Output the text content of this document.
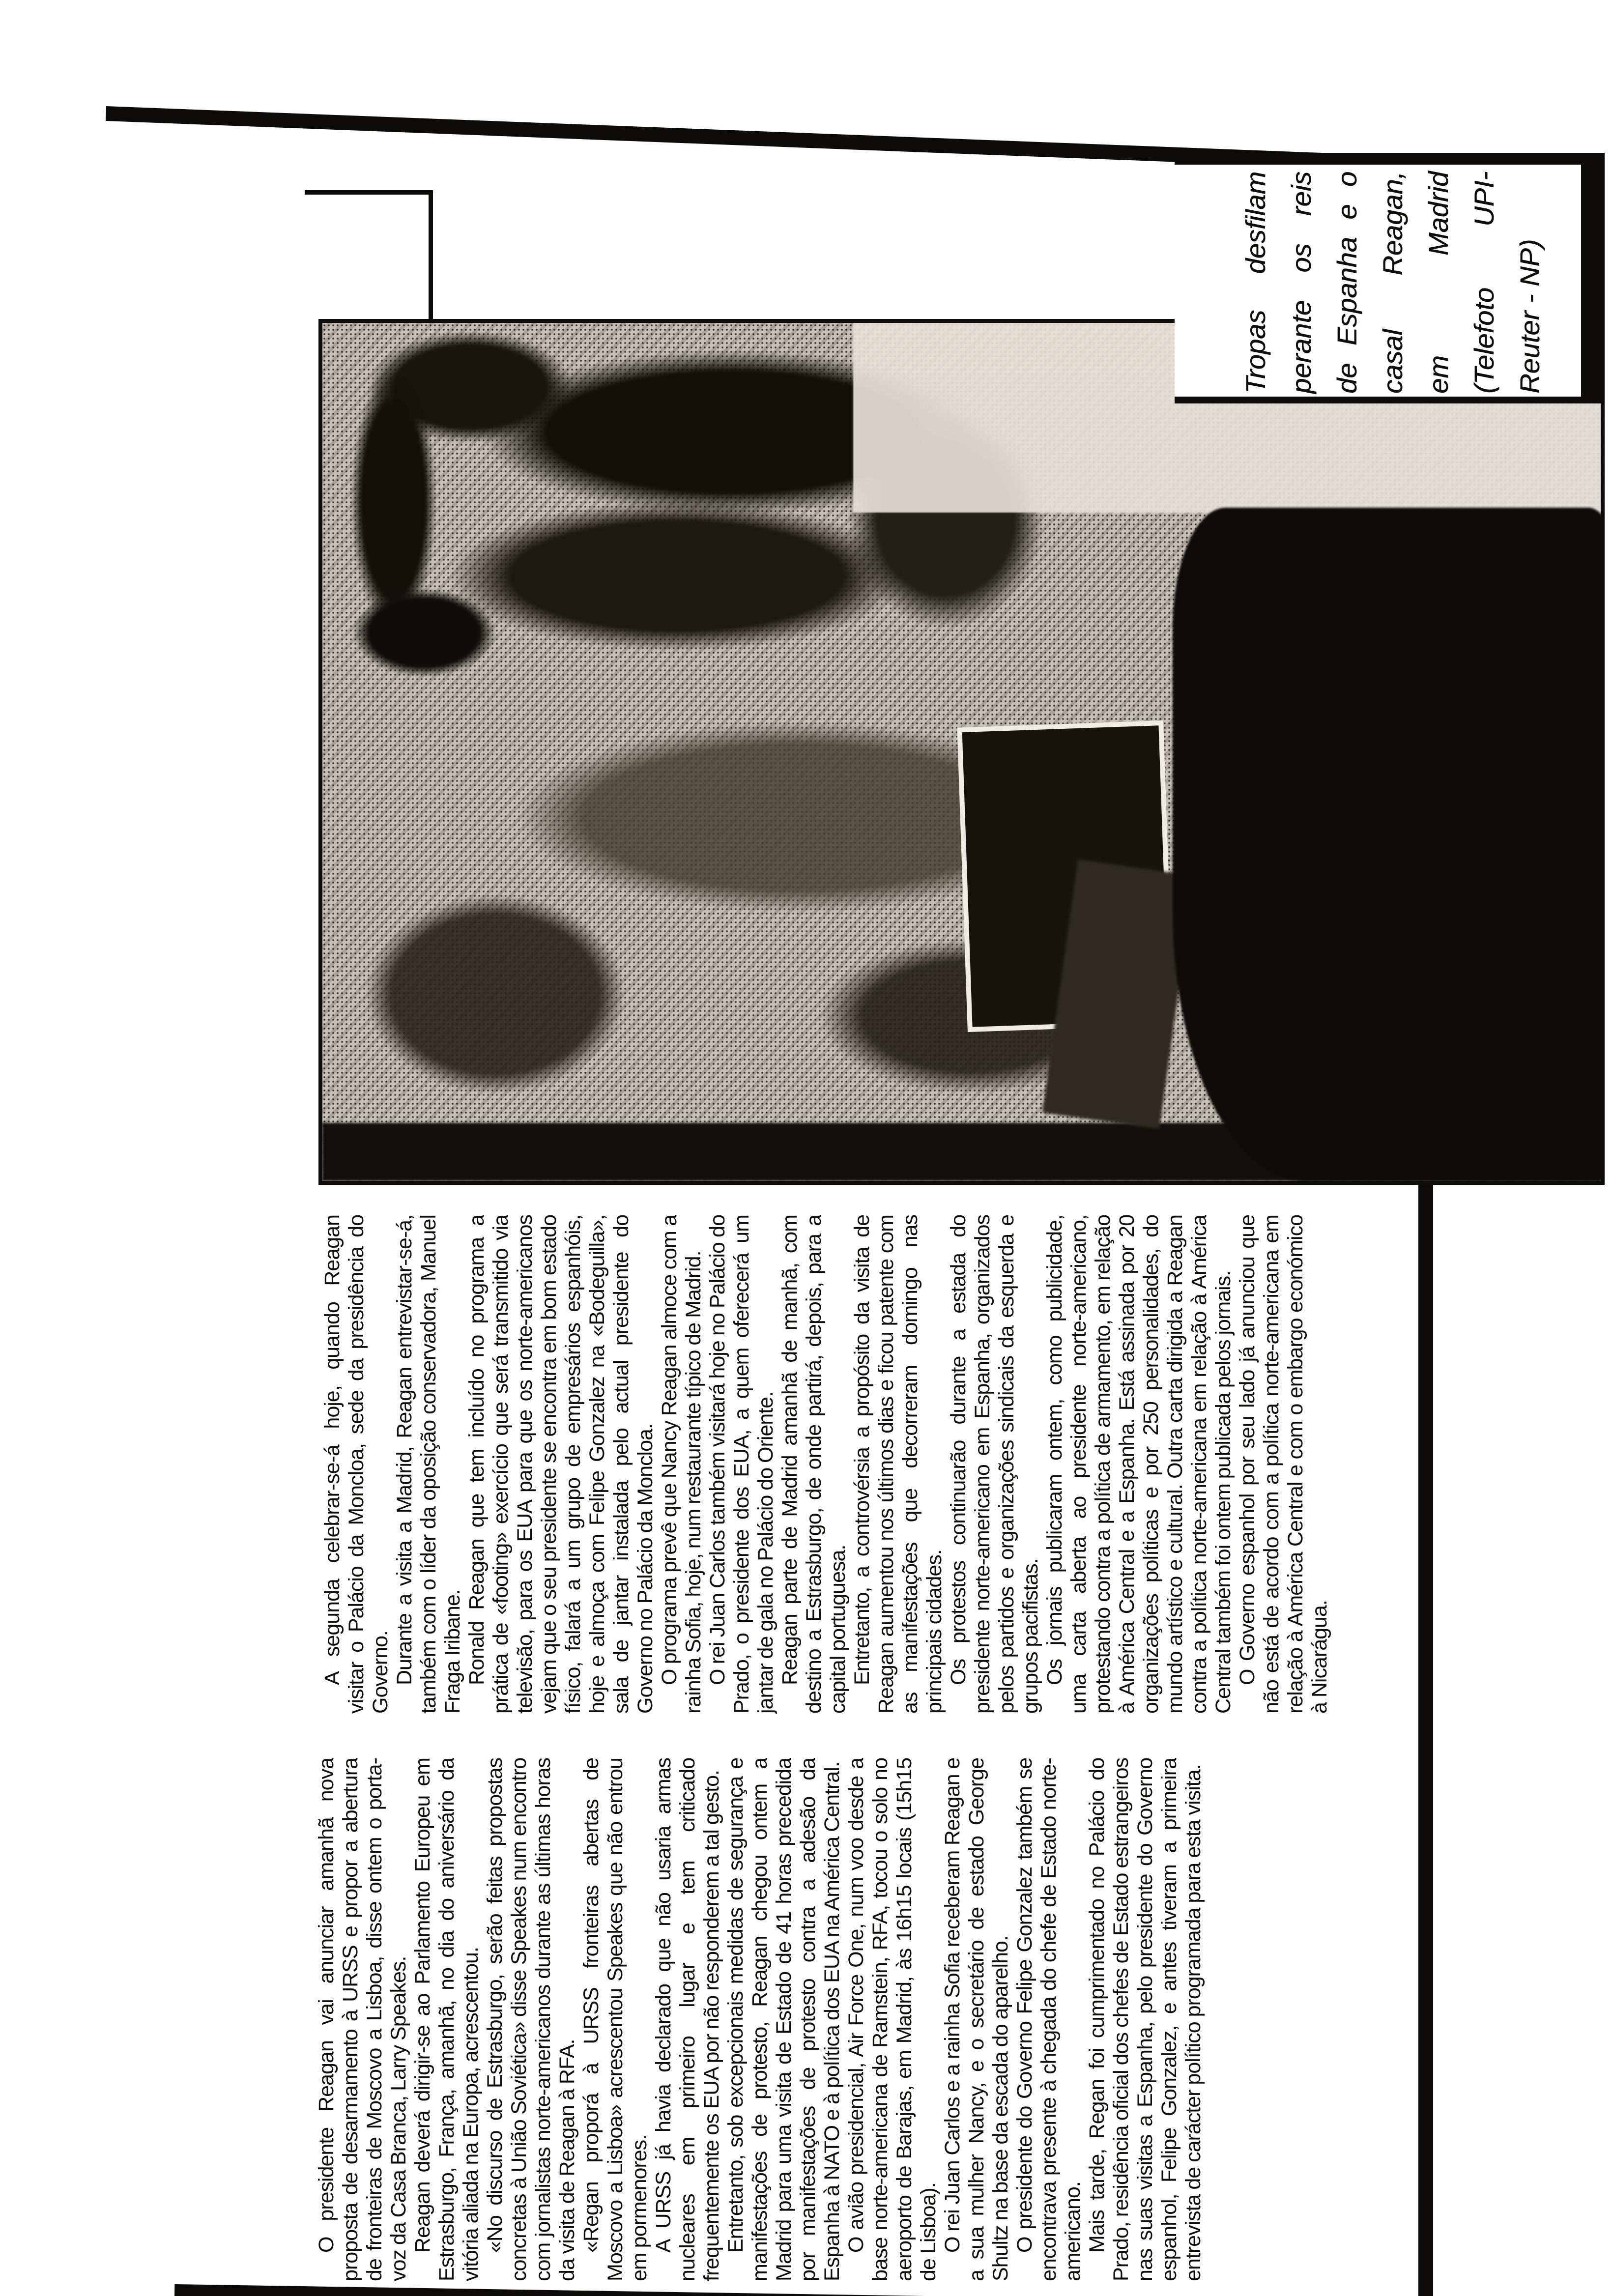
O presidente Reagan vai anunciar amanhã nova proposta de desarmamento à URSS e propor a abertura de fronteiras de Moscovo a Lisboa, disse ontem o porta-voz da Casa Branca, Larry Speakes. Reagan deverá dirigir-se ao Parlamento Europeu em Estrasburgo, França, amanhã, no dia do aniversário da vitória aliada na Europa, acrescentou. «No discurso de Estrasburgo, serão feitas propostas concretas à União Soviética» disse Speakes num encontro com jornalistas norte-americanos durante as últimas horas da visita de Reagan à RFA. «Regan proporá à URSS fronteiras abertas de Moscovo a Lisboa» acrescentou Speakes que não entrou em pormenores. A URSS já havia declarado que não usaria armas nucleares em primeiro lugar e tem criticado frequentemente os EUA por não responderem a tal gesto. Entretanto, sob excepcionais medidas de segurança e manifestações de protesto, Reagan chegou ontem a Madrid para uma visita de Estado de 41 horas precedida por manifestações de protesto contra a adesão da Espanha à NATO e à política dos EUA na América Central. O avião presidencial, Air Force One, num voo desde a base norte-americana de Ramstein, RFA, tocou o solo no aeroporto de Barajas, em Madrid, às 16h15 locais (15h15 de Lisboa). O rei Juan Carlos e a rainha Sofia receberam Reagan e a sua mulher Nancy, e o secretário de estado George Shultz na base da escada do aparelho. O presidente do Governo Felipe Gonzalez também se encontrava presente à chegada do chefe de Estado norte-americano. Mais tarde, Regan foi cumprimentado no Palácio do Prado, residência oficial dos chefes de Estado estrangeiros nas suas visitas a Espanha, pelo presidente do Governo espanhol, Felipe Gonzalez, e antes tiveram a primeira entrevista de carácter político programada para esta visita.

A segunda celebrar-se-á hoje, quando Reagan visitar o Palácio da Moncloa, sede da presidência do Governo. Durante a visita a Madrid, Reagan entrevistar-se-á, também com o líder da oposição conservadora, Manuel Fraga Iribane. Ronald Reagan que tem incluído no programa a prática de «footing» exercício que será transmitido via televisão, para os EUA para que os norte-americanos vejam que o seu presidente se encontra em bom estado físico, falará a um grupo de empresários espanhóis, hoje e almoça com Felipe Gonzalez na «Bodeguilla», sala de jantar instalada pelo actual presidente do Governo no Palácio da Moncloa. O programa prevê que Nancy Reagan almoce com a rainha Sofia, hoje, num restaurante típico de Madrid. O rei Juan Carlos também visitará hoje no Palácio do Prado, o presidente dos EUA, a quem oferecerá um jantar de gala no Palácio do Oriente. Reagan parte de Madrid amanhã de manhã, com destino a Estrasburgo, de onde partirá, depois, para a capital portuguesa. Entretanto, a controvérsia a propósito da visita de Reagan aumentou nos últimos dias e ficou patente com as manifestações que decorreram domingo nas principais cidades. Os protestos continuarão durante a estada do presidente norte-americano em Espanha, organizados pelos partidos e organizações sindicais da esquerda e grupos pacifistas. Os jornais publicaram ontem, como publicidade, uma carta aberta ao presidente norte-americano, protestando contra a política de armamento, em relação à América Central e a Espanha. Está assinada por 20 organizações políticas e por 250 personalidades, do mundo artístico e cultural. Outra carta dirigida a Reagan contra a política norte-americana em relação à América Central também foi ontem publicada pelos jornais. O Governo espanhol por seu lado já anunciou que não está de acordo com a política norte-americana em relação à América Central e com o embargo económico à Nicarágua.

Tropas desfilam perante os reis de Espanha e o casal Reagan, em Madrid (Telefoto UPI- Reuter - NP)
